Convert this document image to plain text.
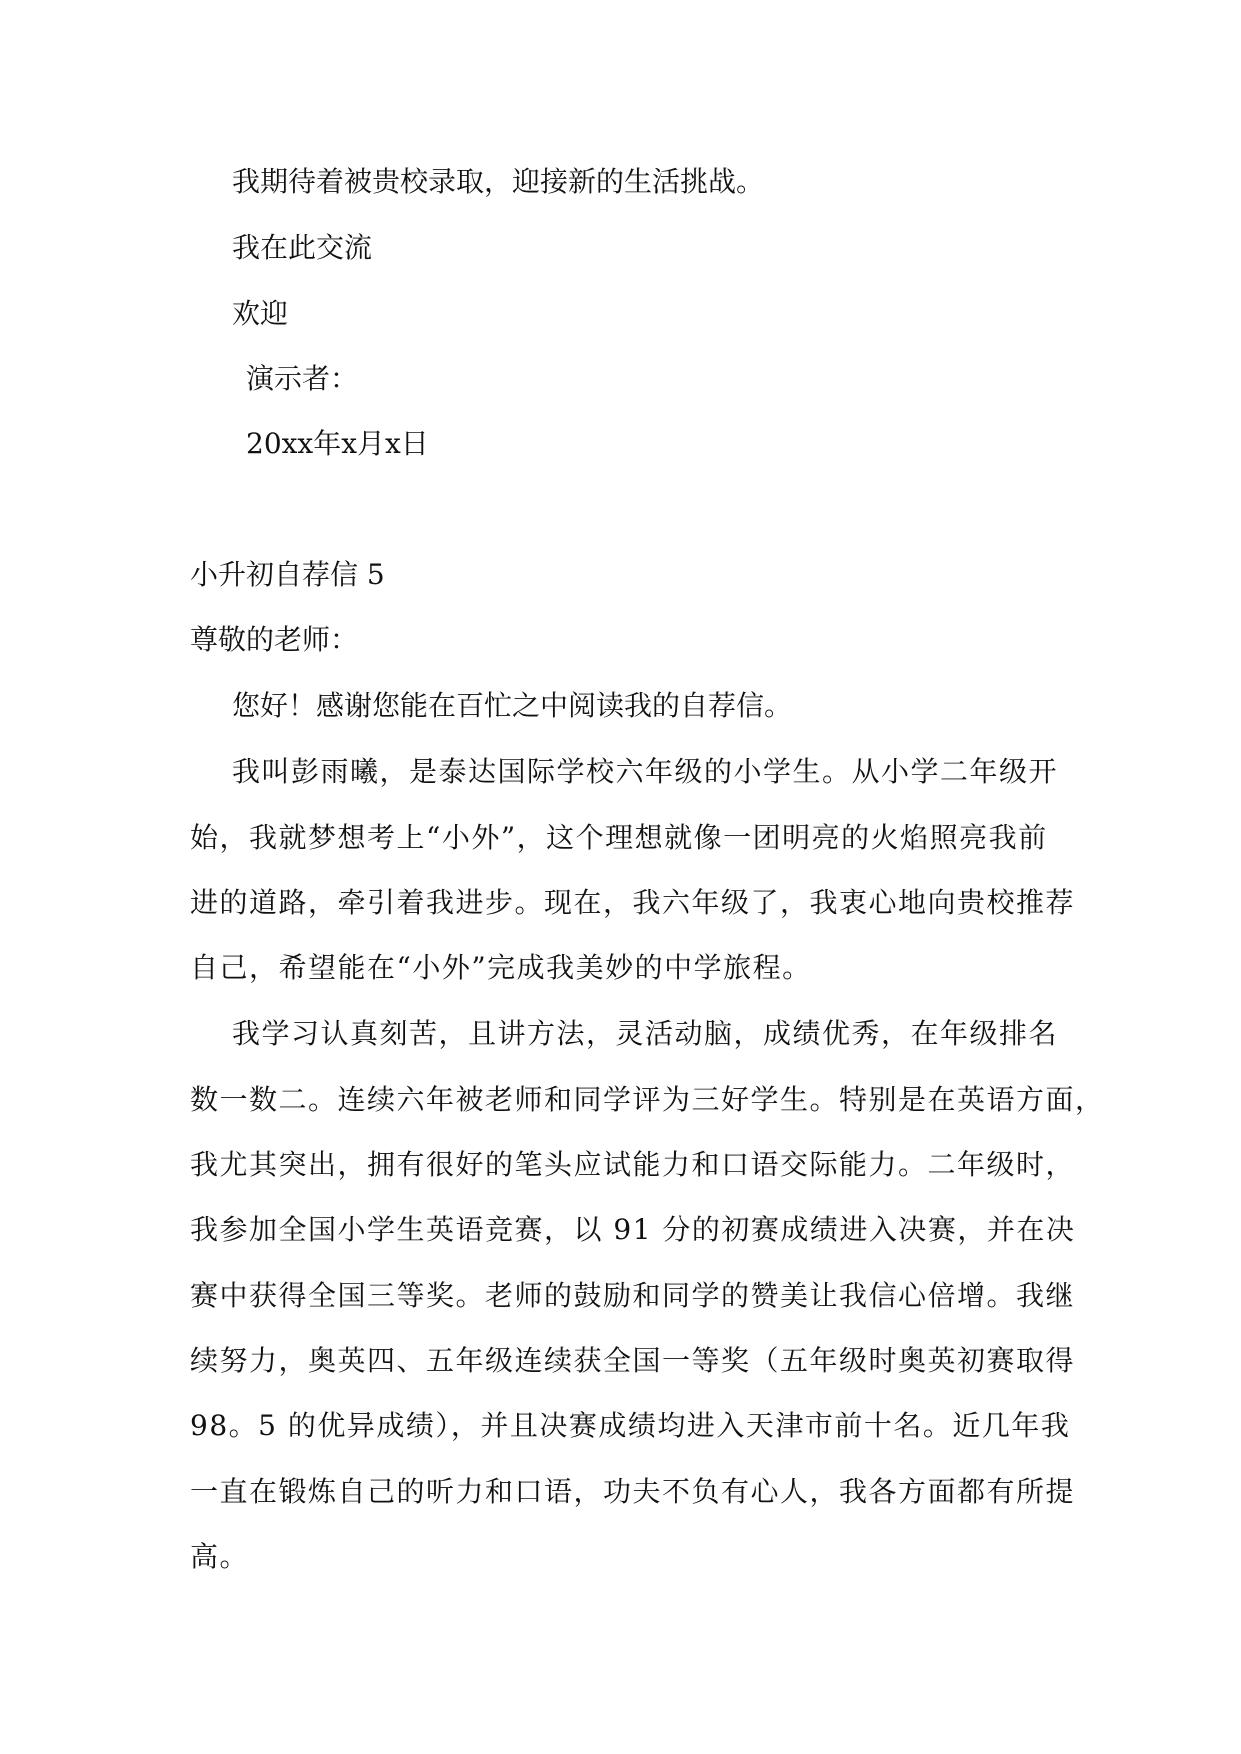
我期待着被贵校录取，迎接新的生活挑战。
我在此交流
欢迎
演示者：
20xx年x月x日
小升初自荐信 5
尊敬的老师：
您好！感谢您能在百忙之中阅读我的自荐信。
我叫彭雨曦，是泰达国际学校六年级的小学生。从小学二年级开
始，我就梦想考上“小外”，这个理想就像一团明亮的火焰照亮我前
进的道路，牵引着我进步。现在，我六年级了，我衷心地向贵校推荐
自己，希望能在“小外”完成我美妙的中学旅程。
我学习认真刻苦，且讲方法，灵活动脑，成绩优秀，在年级排名
数一数二。连续六年被老师和同学评为三好学生。特别是在英语方面，
我尤其突出，拥有很好的笔头应试能力和口语交际能力。二年级时，
我参加全国小学生英语竞赛，以 91 分的初赛成绩进入决赛，并在决
赛中获得全国三等奖。老师的鼓励和同学的赞美让我信心倍增。我继
续努力，奥英四、五年级连续获全国一等奖（五年级时奥英初赛取得
98。5 的优异成绩），并且决赛成绩均进入天津市前十名。近几年我
一直在锻炼自己的听力和口语，功夫不负有心人，我各方面都有所提
高。
